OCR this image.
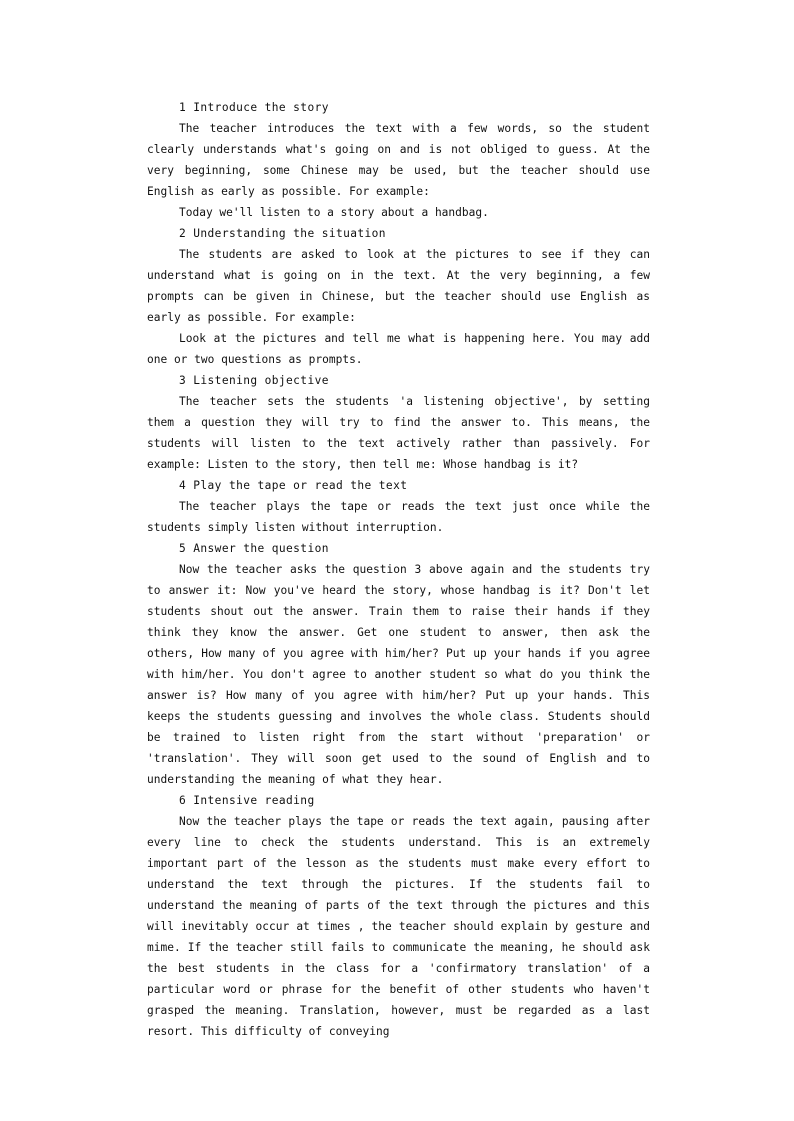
1 Introduce the story

The teacher introduces the text with a few words, so the student clearly understands what's going on and is not obliged to guess. At the very beginning, some Chinese may be used, but the teacher should use English as early as possible. For example:

Today we'll listen to a story about a handbag.
2 Understanding the situation

The students are asked to look at the pictures to see if they can understand what is going on in the text. At the very beginning, a few prompts can be given in Chinese, but the teacher should use English as early as possible. For example:

Look at the pictures and tell me what is happening here. You may add one or two questions as prompts.

3 Listening objective

The teacher sets the students 'a listening objective', by setting them a question they will try to find the answer to. This means, the students will listen to the text actively rather than passively. For example: Listen to the story, then tell me: Whose handbag is it?

4 Play the tape or read the text

The teacher plays the tape or reads the text just once while the students simply listen without interruption.

5 Answer the question

Now the teacher asks the question 3 above again and the students try to answer it: Now you've heard the story, whose handbag is it? Don't let students shout out the answer. Train them to raise their hands if they think they know the answer. Get one student to answer, then ask the others, How many of you agree with him/her? Put up your hands if you agree with him/her. You don't agree to another student so what do you think the answer is? How many of you agree with him/her? Put up your hands. This keeps the students guessing and involves the whole class. Students should be trained to listen right from the start without 'preparation' or 'translation'. They will soon get used to the sound of English and to understanding the meaning of what they hear.

6 Intensive reading

Now the teacher plays the tape or reads the text again, pausing after every line to check the students understand. This is an extremely important part of the lesson as the students must make every effort to understand the text through the pictures. If the students fail to understand the meaning of parts of the text through the pictures and this will inevitably occur at times , the teacher should explain by gesture and mime. If the teacher still fails to communicate the meaning, he should ask the best students in the class for a 'confirmatory translation' of a particular word or phrase for the benefit of other students who haven't grasped the meaning. Translation, however, must be regarded as a last resort. This difficulty of conveying
